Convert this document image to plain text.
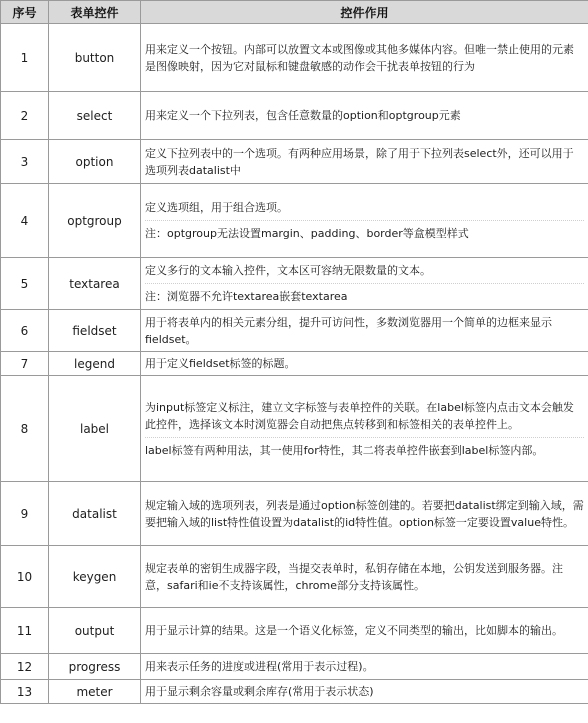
序号	表单控件	控件作用
1	button	用来定义一个按钮。内部可以放置文本或图像或其他多媒体内容。但唯一禁止使用的元素是图像映射，因为它对鼠标和键盘敏感的动作会干扰表单按钮的行为

2	select	用来定义一个下拉列表，包含任意数量的option和optgroup元素

3	option	定义下拉列表中的一个选项。有两种应用场景，除了用于下拉列表select外，还可以用于选项列表datalist中

4	optgroup	定义选项组，用于组合选项。
注：optgroup无法设置margin、padding、border等盒模型样式

5	textarea	定义多行的文本输入控件，文本区可容纳无限数量的文本。
注：浏览器不允许textarea嵌套textarea

6	fieldset	用于将表单内的相关元素分组，提升可访问性，多数浏览器用一个简单的边框来显示fieldset。

7	legend	用于定义fieldset标签的标题。

8	label	为input标签定义标注，建立文字标签与表单控件的关联。在label标签内点击文本会触发此控件，选择该文本时浏览器会自动把焦点转移到和标签相关的表单控件上。
label标签有两种用法，其一使用for特性，其二将表单控件嵌套到label标签内部。

9	datalist	规定输入域的选项列表，列表是通过option标签创建的。若要把datalist绑定到输入域，需要把输入域的list特性值设置为datalist的id特性值。option标签一定要设置value特性。

10	keygen	规定表单的密钥生成器字段，当提交表单时，私钥存储在本地，公钥发送到服务器。注意，safari和ie不支持该属性，chrome部分支持该属性。

11	output	用于显示计算的结果。这是一个语义化标签，定义不同类型的输出，比如脚本的输出。

12	progress	用来表示任务的进度或进程(常用于表示过程)。

13	meter	用于显示剩余容量或剩余库存(常用于表示状态)
